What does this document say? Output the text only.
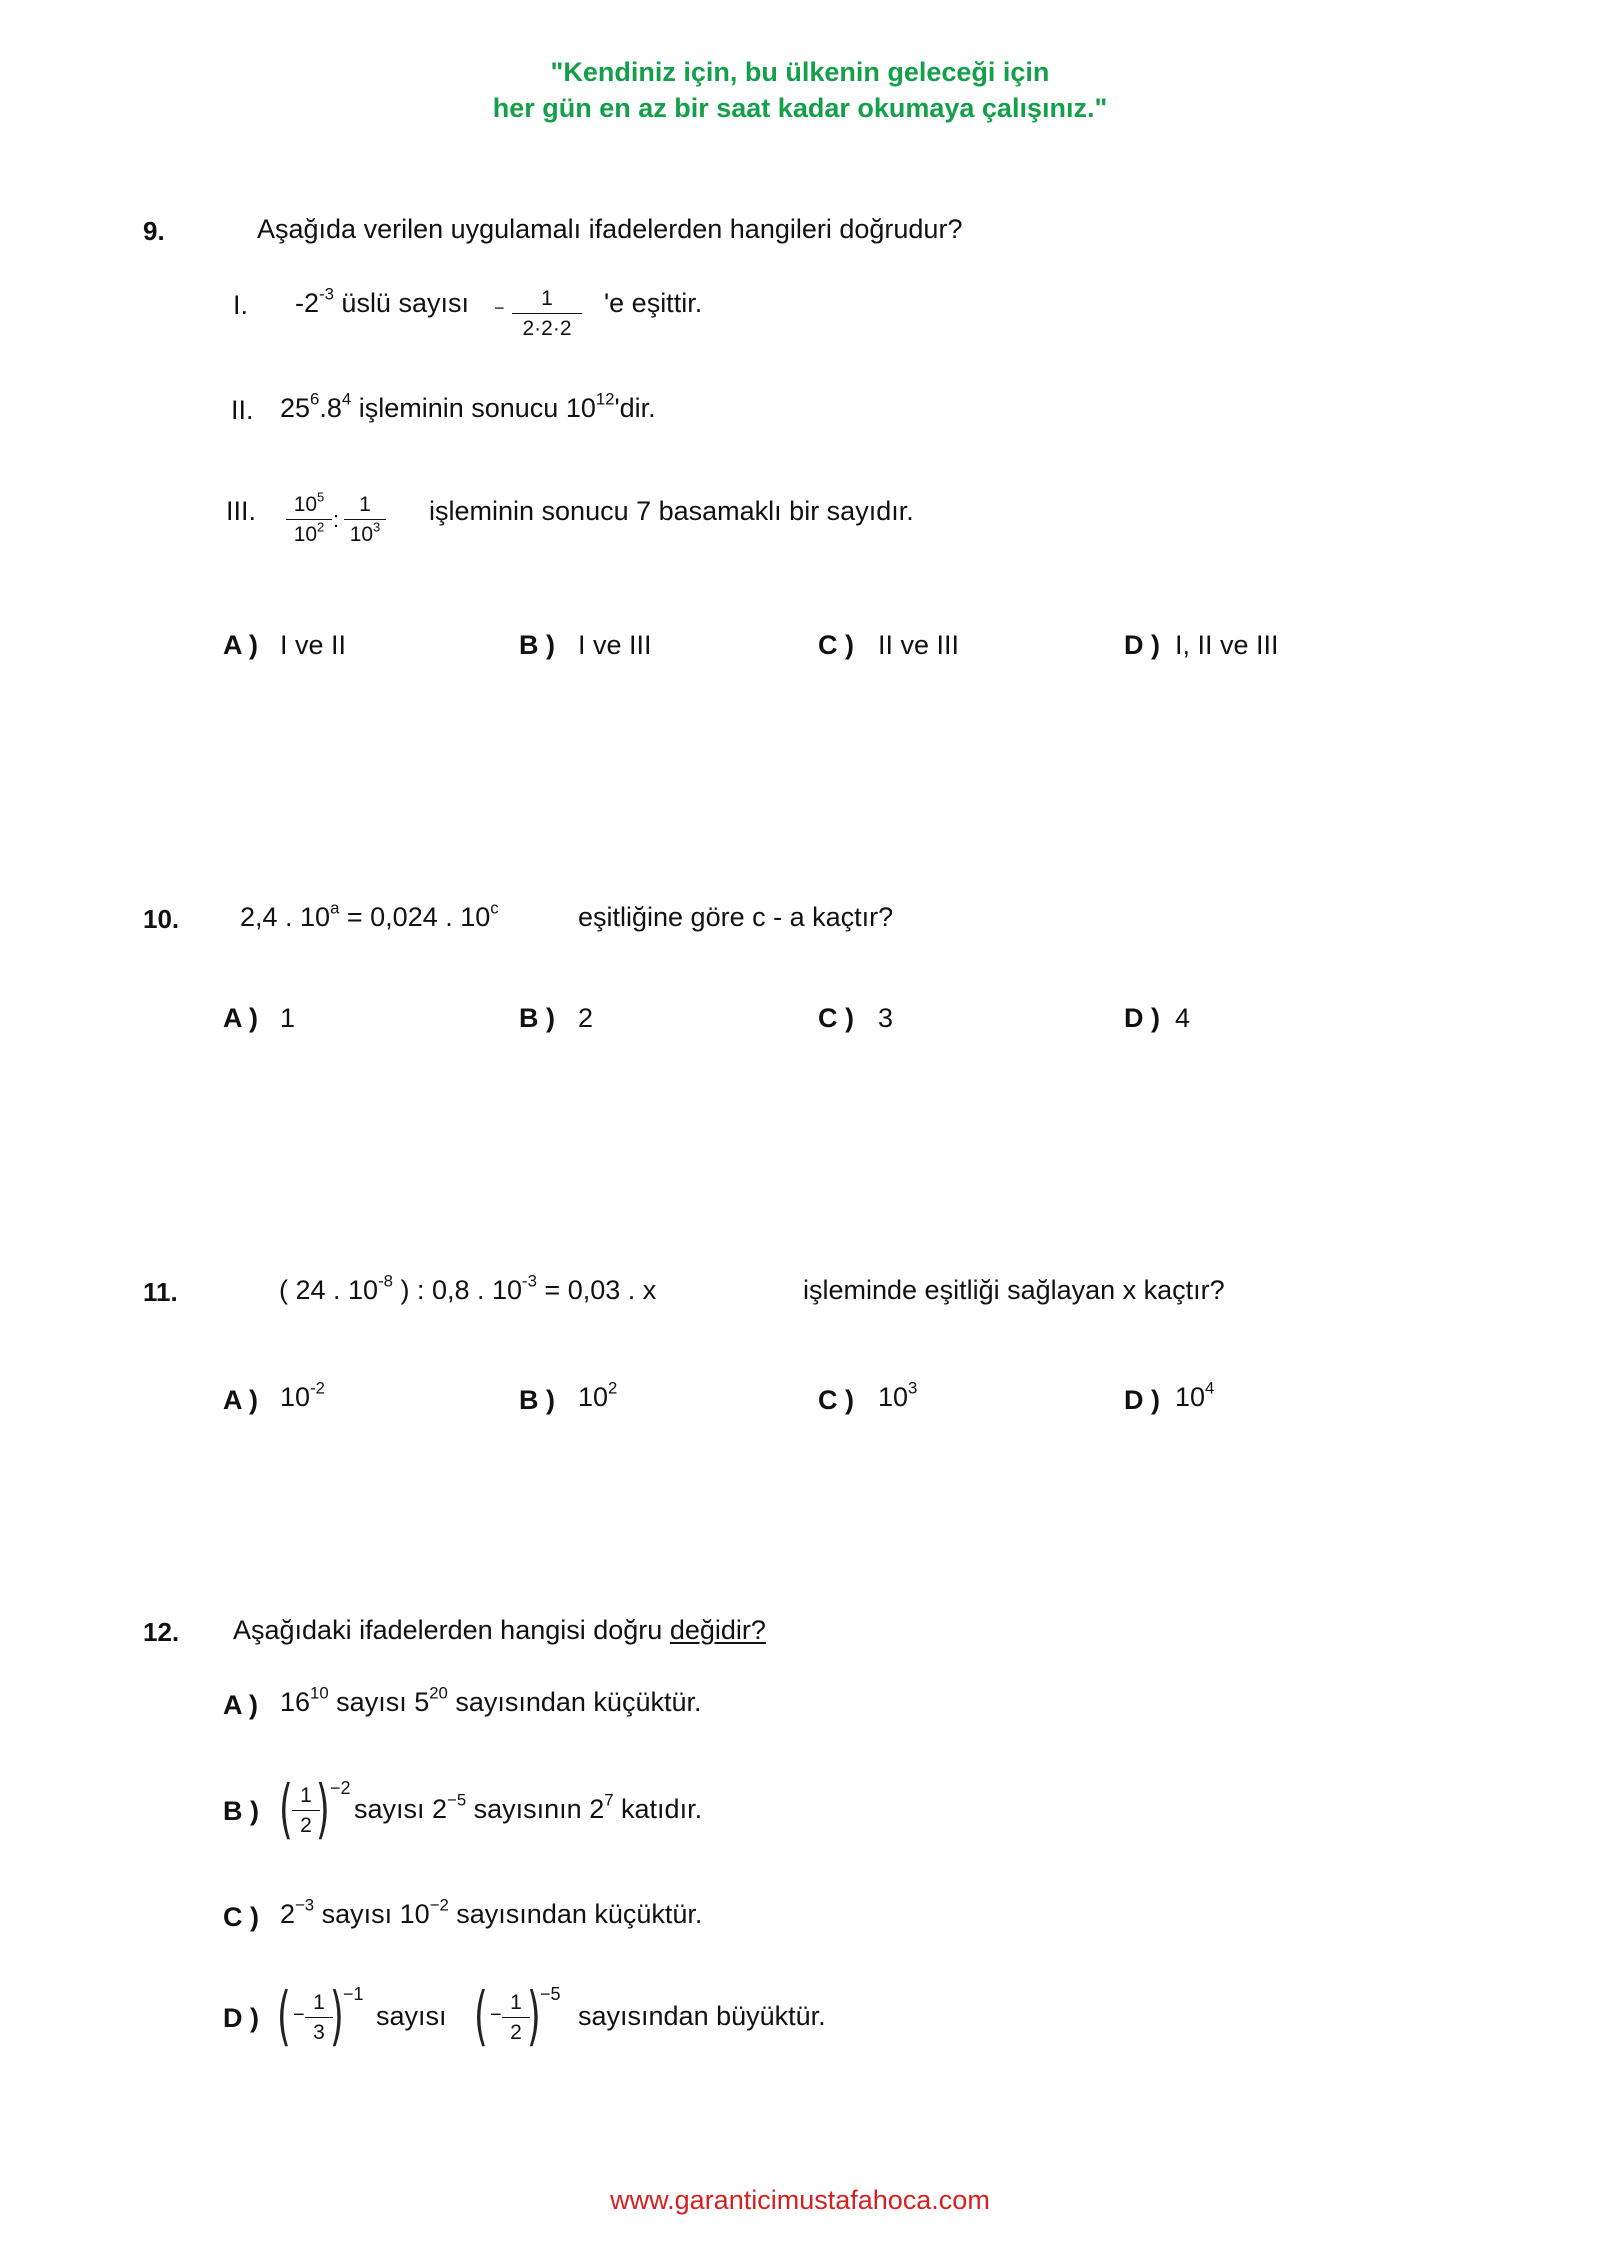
"Kendiniz için, bu ülkenin geleceği için
her gün en az bir saat kadar okumaya çalışınız."
9.	Aşağıda verilen uygulamalı ifadelerden hangileri doğrudur?
I. $-2^{-3}$ üslü sayısı − $\frac{1}{2\cdot 2\cdot 2}$ 'e eşittir.
II. $25^6.8^4$ işleminin sonucu $10^{12}'dir$.
III. $\frac{10^5}{10^2}$ : $\frac{1}{10^3}$ işleminin sonucu 7 basamaklı bir sayıdır.
A ) I ve II	B ) I ve III	C ) II ve III	D ) I, II ve III
10. 2,4 . $10^a = 0,024$ . 10$^c$	eşitliğine göre c - a kaçtır?
A ) 1	B ) 2	C ) 3	D ) 4
11.	( 24 . $10^{-8}$ ) : 0,8 . $10^{-3} = 0,03$ . x	işleminde eşitliği sağlayan x kaçtır?
A ) $10^{-2}$	B ) $10^2$	C ) $10^3$	D ) $10^4$
12. Aşağıdaki ifadelerden hangisi doğru değidir?
A ) $16^{10}$ sayısı $5^{20}$ sayısından küçüktür.
B ) ( $\frac{1}{2}$
) −2
sayısı $2^{-5}$ sayısının $2^7$ katıdır.
C ) $2^{-3}$ sayısı $10^{-2}$ sayısından küçüktür.
D ) ( − $\frac{1}{3}$
) −1
sayısı ( − $\frac{1}{2}$
) −5
sayısından büyüktür.
www.garanticimustafahoca.com
